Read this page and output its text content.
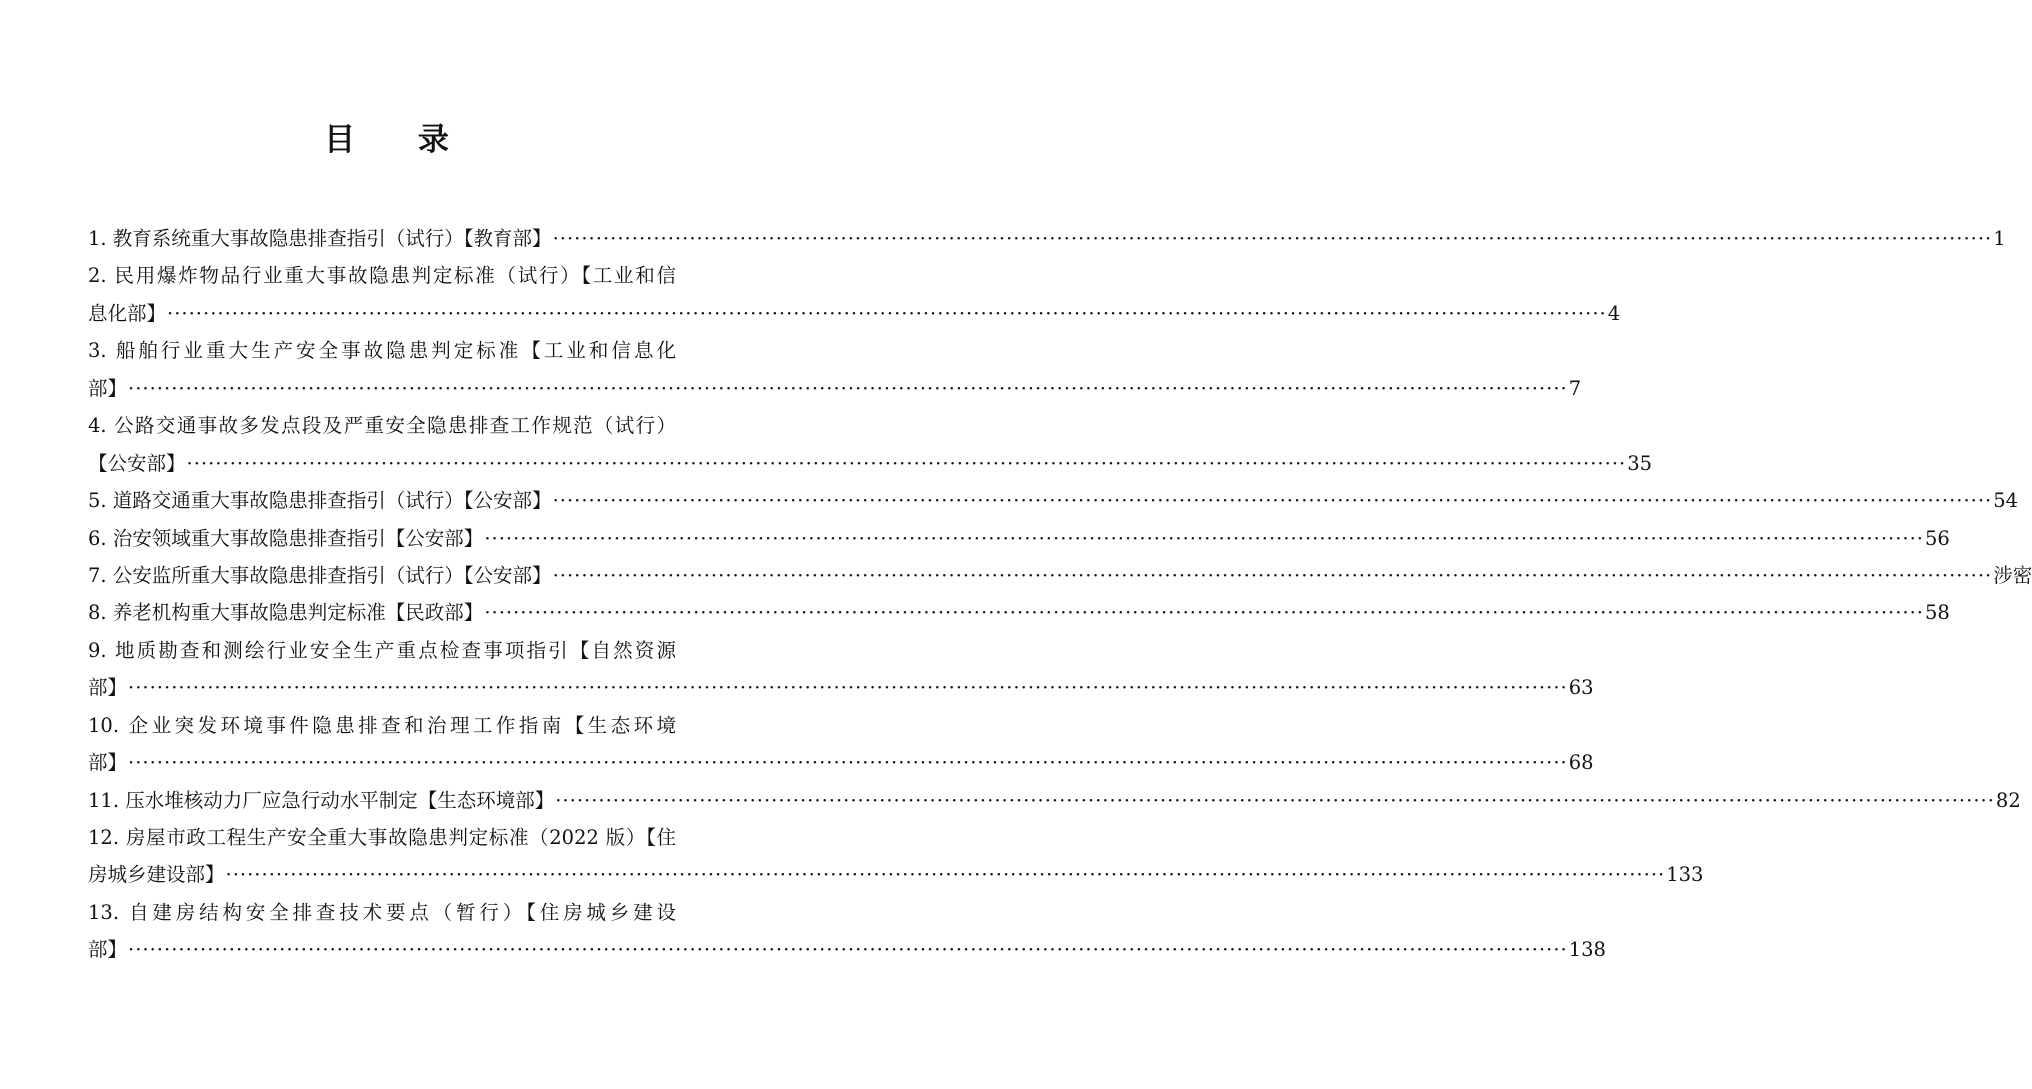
目 录
1. 教育系统重大事故隐患排查指引（试行）【教育部】 ········································································································································································································ 1
2. 民用爆炸物品行业重大事故隐患判定标准（试行）【工业和信
息化部】 ········································································································································································································ 4
3. 船舶行业重大生产安全事故隐患判定标准【工业和信息化
部】 ········································································································································································································ 7
4. 公路交通事故多发点段及严重安全隐患排查工作规范（试行）
【公安部】 ········································································································································································································ 35
5. 道路交通重大事故隐患排查指引（试行）【公安部】 ········································································································································································································ 54
6. 治安领域重大事故隐患排查指引【公安部】 ········································································································································································································ 56
7. 公安监所重大事故隐患排查指引（试行）【公安部】 ········································································································································································································ 涉密
8. 养老机构重大事故隐患判定标准【民政部】 ········································································································································································································ 58
9. 地质勘查和测绘行业安全生产重点检查事项指引【自然资源
部】 ········································································································································································································ 63
10. 企业突发环境事件隐患排查和治理工作指南【生态环境
部】 ········································································································································································································ 68
11. 压水堆核动力厂应急行动水平制定【生态环境部】 ········································································································································································································ 82
12. 房屋市政工程生产安全重大事故隐患判定标准（2022 版）【住
房城乡建设部】 ········································································································································································································ 133
13. 自建房结构安全排查技术要点（暂行）【住房城乡建设
部】 ········································································································································································································ 138
